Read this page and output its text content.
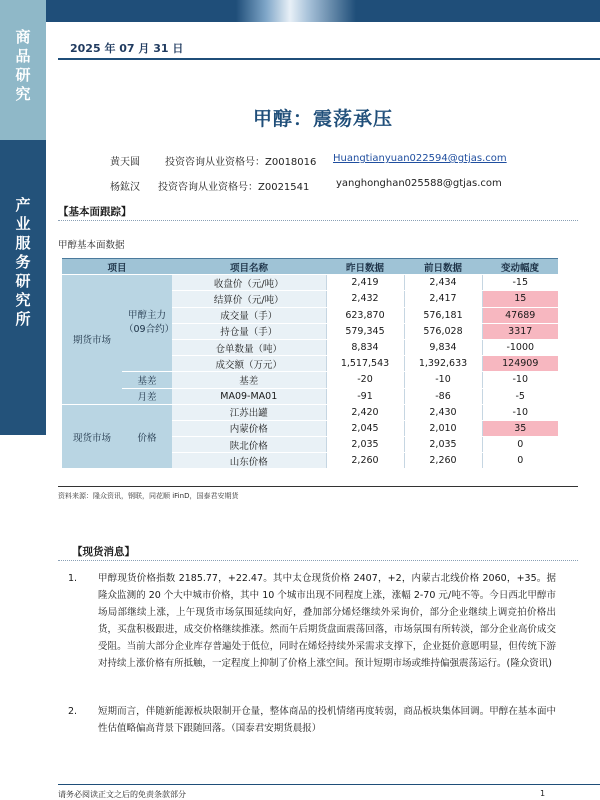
商
品
研
究
产
业
服
务
研
究
所
2025 年 07 月 31 日
甲醇：震荡承压
黄天圆	投资咨询从业资格号：Z0018016 Huangtianyuan022594@gtjas.com
杨鈜汉 投资咨询从业资格号：Z0021541	yanghonghan025588@gtjas.com
【基本面跟踪】
甲醇基本面数据
项目		项目名称	昨日数据	前日数据	变动幅度
期货市场	甲醇主力（09合约）	收盘价（元/吨）	2,419	2,434	-15
		结算价（元/吨）	2,432	2,417	15
		成交量（手）	623,870	576,181	47689
		持仓量（手）	579,345	576,028	3317
		仓单数量（吨）	8,834	9,834	-1000
		成交额（万元）	1,517,543	1,392,633	124909
	基差	基差	-20	-10	-10
	月差	MA09-MA01	-91	-86	-5
现货市场	价格	江苏出罐	2,420	2,430	-10
		内蒙价格	2,045	2,010	35
		陕北价格	2,035	2,035	0
		山东价格	2,260	2,260	0
资料来源：隆众资讯，钢联，同花顺 iFinD，国泰君安期货
【现货消息】
1. 甲醇现货价格指数 2185.77，+22.47。其中太仓现货价格 2407，+2，内蒙古北线价格 2060，+35。据隆众监测的 20 个大中城市价格，其中 10 个城市出现不同程度上涨，涨幅 2-70 元/吨不等。今日西北甲醇市场局部继续上涨，上午现货市场氛围延续向好，叠加部分烯烃继续外采询价，部分企业继续上调竞拍价格出货，买盘积极跟进，成交价格继续推涨。然而午后期货盘面震荡回落，市场氛围有所转淡，部分企业高价成交受阻。当前大部分企业库存普遍处于低位，同时在烯烃持续外采需求支撑下，企业挺价意愿明显，但传统下游对持续上涨价格有所抵触，一定程度上抑制了价格上涨空间。预计短期市场或维持偏强震荡运行。(隆众资讯)
2. 短期而言，伴随新能源板块限制开仓量，整体商品的投机情绪再度转弱，商品板块集体回调。甲醇在基本面中性估值略偏高背景下跟随回落。（国泰君安期货晨报）
请务必阅读正文之后的免责条款部分	1
